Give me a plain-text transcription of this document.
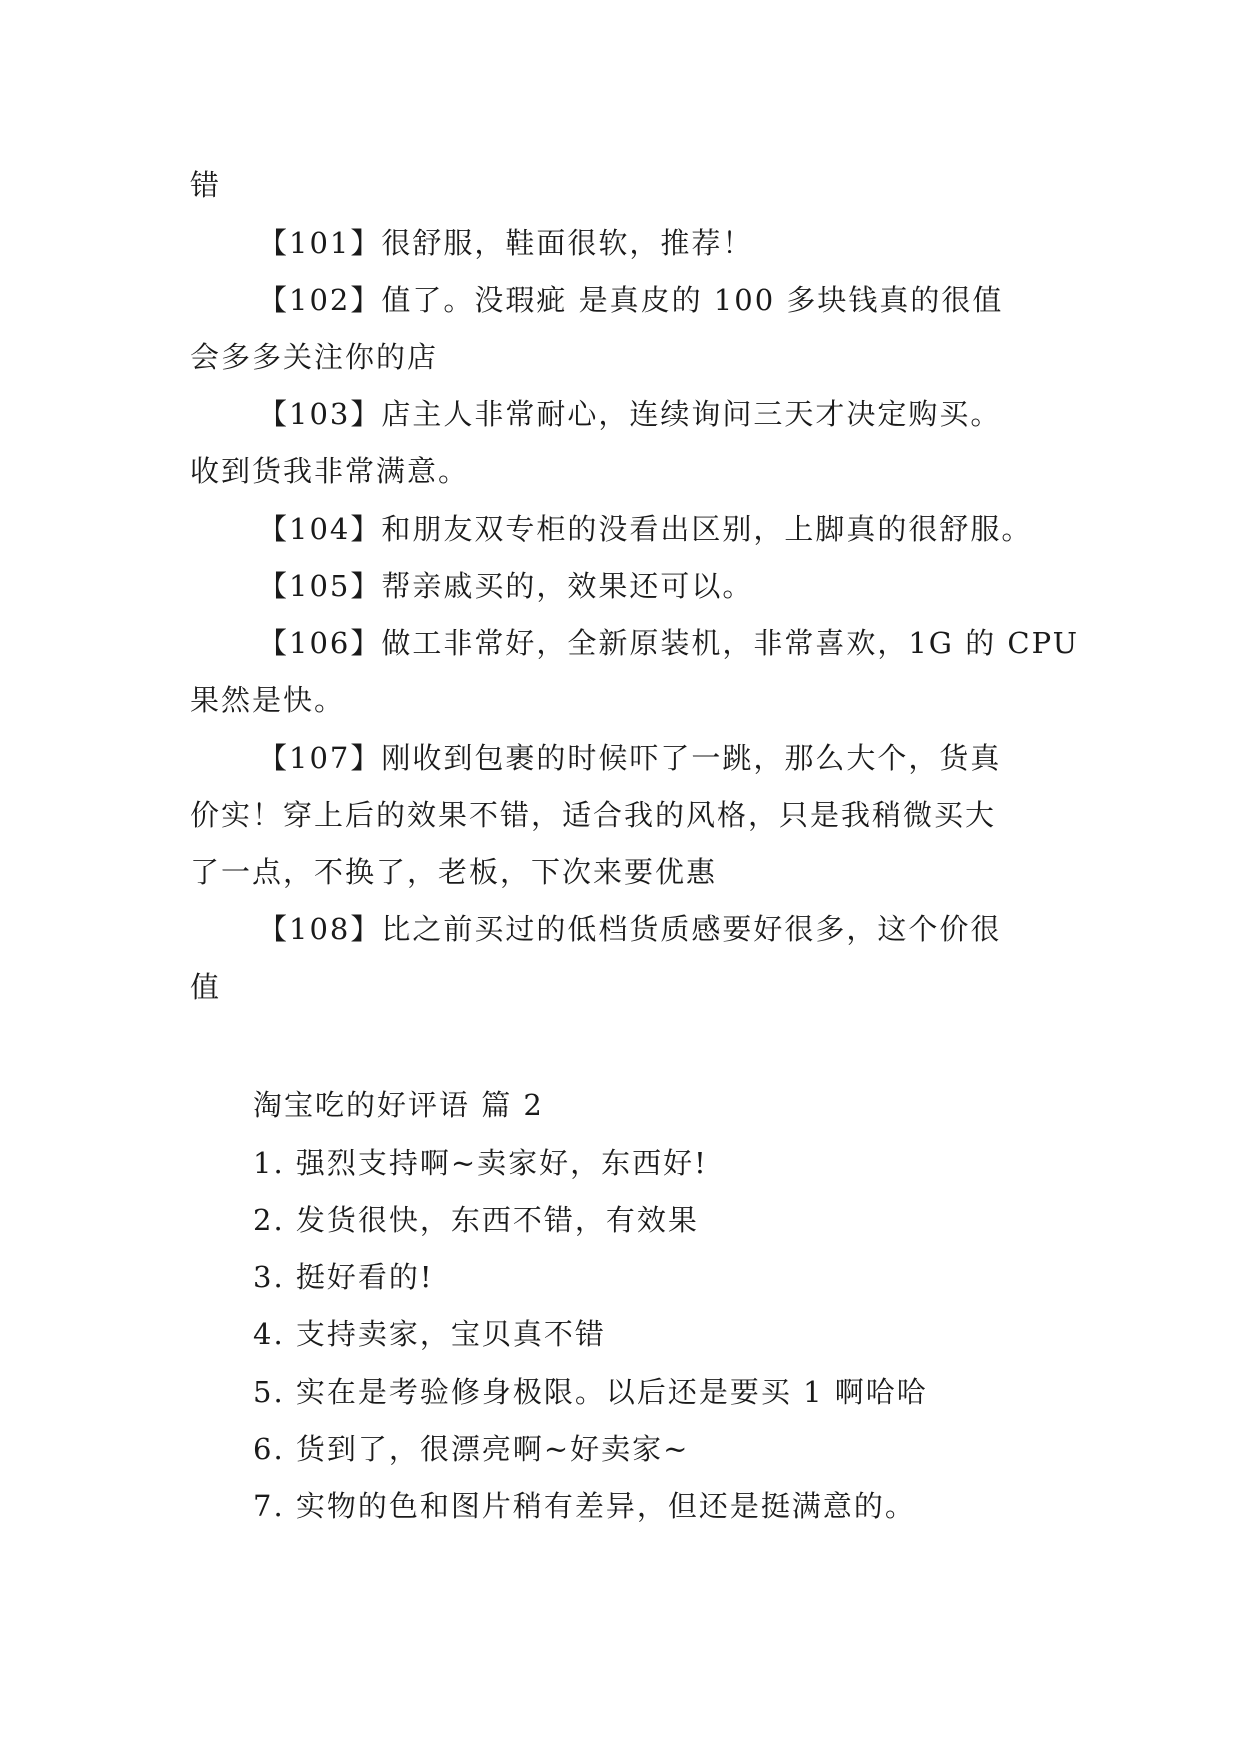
错
【101】很舒服，鞋面很软，推荐！
【102】值了。没瑕疵 是真皮的 100 多块钱真的很值
会多多关注你的店
【103】店主人非常耐心，连续询问三天才决定购买。
收到货我非常满意。
【104】和朋友双专柜的没看出区别，上脚真的很舒服。
【105】帮亲戚买的，效果还可以。
【106】做工非常好，全新原装机，非常喜欢，1G 的 CPU
果然是快。
【107】刚收到包裹的时候吓了一跳，那么大个，货真
价实！穿上后的效果不错，适合我的风格，只是我稍微买大
了一点，不换了，老板，下次来要优惠
【108】比之前买过的低档货质感要好很多，这个价很
值
淘宝吃的好评语 篇 2
1. 强烈支持啊~卖家好，东西好!
2. 发货很快，东西不错，有效果
3. 挺好看的!
4. 支持卖家，宝贝真不错
5. 实在是考验修身极限。以后还是要买 1 啊哈哈
6. 货到了，很漂亮啊~好卖家~
7. 实物的色和图片稍有差异，但还是挺满意的。
